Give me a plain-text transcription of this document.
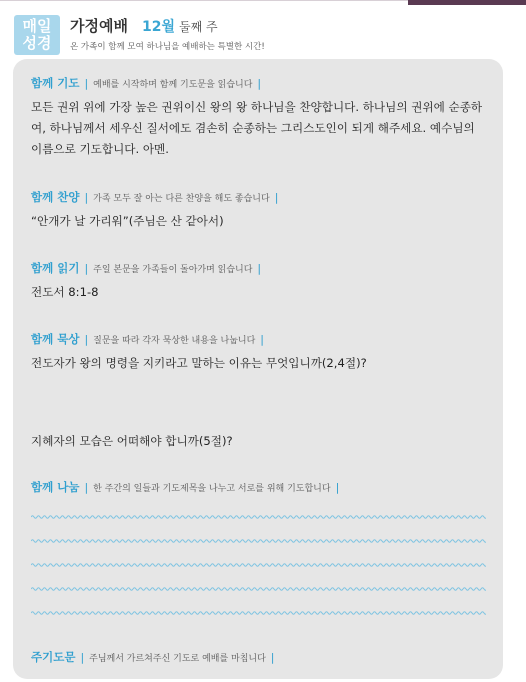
매일
성경
가정예배 12월 둘째 주
온 가족이 함께 모여 하나님을 예배하는 특별한 시간!
함께 기도 | 예배를 시작하며 함께 기도문을 읽습니다 |
모든 권위 위에 가장 높은 권위이신 왕의 왕 하나님을 찬양합니다. 하나님의 권위에 순종하여, 하나님께서 세우신 질서에도 겸손히 순종하는 그리스도인이 되게 해주세요. 예수님의 이름으로 기도합니다. 아멘.
함께 찬양 | 가족 모두 잘 아는 다른 찬양을 해도 좋습니다 |
“안개가 날 가리워”(주님은 산 같아서)
함께 읽기 | 주일 본문을 가족들이 돌아가며 읽습니다 |
전도서 8:1-8
함께 묵상 | 질문을 따라 각자 묵상한 내용을 나눕니다 |
전도자가 왕의 명령을 지키라고 말하는 이유는 무엇입니까(2,4절)?
지혜자의 모습은 어떠해야 합니까(5절)?
함께 나눔 | 한 주간의 일들과 기도제목을 나누고 서로를 위해 기도합니다 |
주기도문 | 주님께서 가르쳐주신 기도로 예배를 마칩니다 |
